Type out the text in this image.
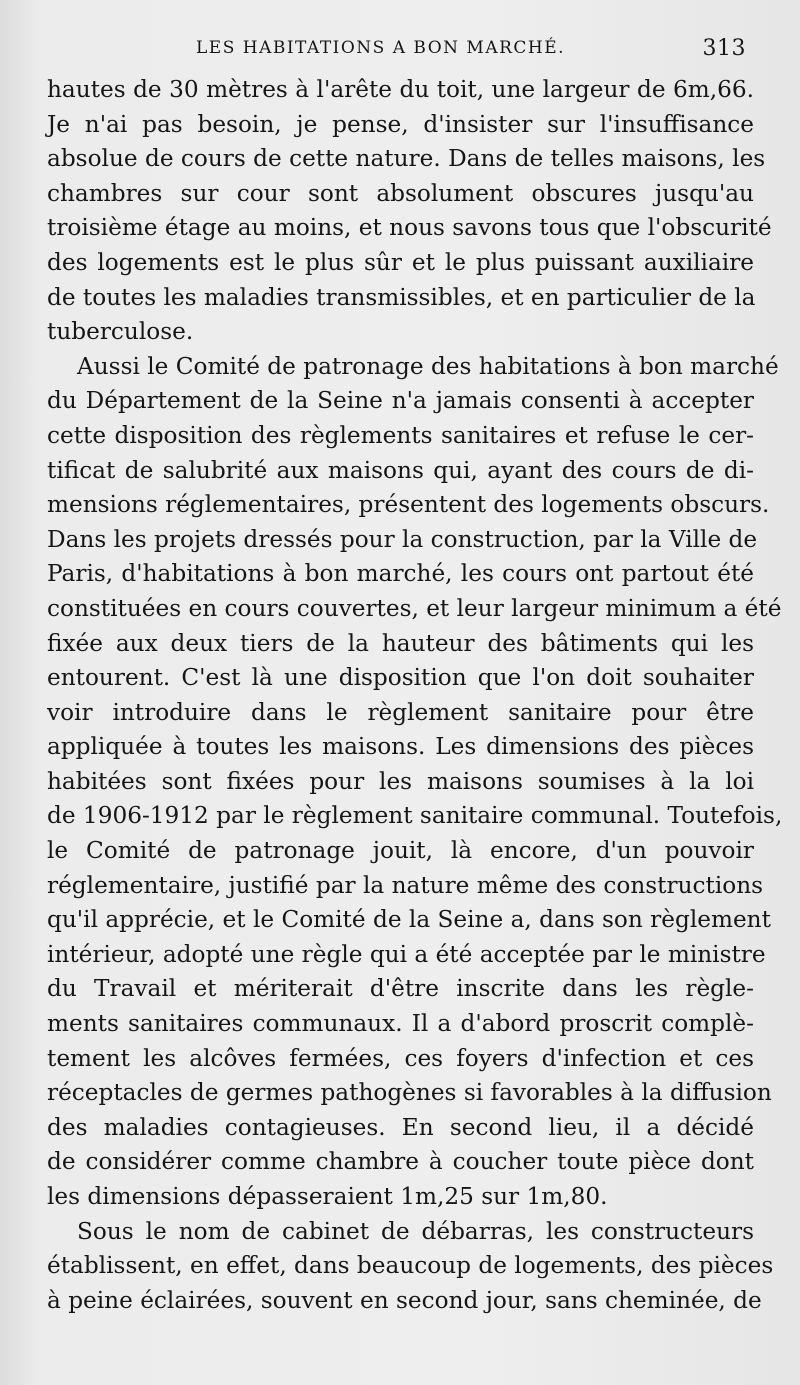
LES HABITATIONS A BON MARCHÉ.	313
hautes de 30 mètres à l'arête du toit, une largeur de 6m,66.
Je n'ai pas besoin, je pense, d'insister sur l'insuffisance
absolue de cours de cette nature. Dans de telles maisons, les
chambres sur cour sont absolument obscures jusqu'au
troisième étage au moins, et nous savons tous que l'obscurité
des logements est le plus sûr et le plus puissant auxiliaire
de toutes les maladies transmissibles, et en particulier de la
tuberculose.
Aussi le Comité de patronage des habitations à bon marché
du Département de la Seine n'a jamais consenti à accepter
cette disposition des règlements sanitaires et refuse le cer-
tificat de salubrité aux maisons qui, ayant des cours de di-
mensions réglementaires, présentent des logements obscurs.
Dans les projets dressés pour la construction, par la Ville de
Paris, d'habitations à bon marché, les cours ont partout été
constituées en cours couvertes, et leur largeur minimum a été
fixée aux deux tiers de la hauteur des bâtiments qui les
entourent. C'est là une disposition que l'on doit souhaiter
voir introduire dans le règlement sanitaire pour être
appliquée à toutes les maisons. Les dimensions des pièces
habitées sont fixées pour les maisons soumises à la loi
de 1906-1912 par le règlement sanitaire communal. Toutefois,
le Comité de patronage jouit, là encore, d'un pouvoir
réglementaire, justifié par la nature même des constructions
qu'il apprécie, et le Comité de la Seine a, dans son règlement
intérieur, adopté une règle qui a été acceptée par le ministre
du Travail et mériterait d'être inscrite dans les règle-
ments sanitaires communaux. Il a d'abord proscrit complè-
tement les alcôves fermées, ces foyers d'infection et ces
réceptacles de germes pathogènes si favorables à la diffusion
des maladies contagieuses. En second lieu, il a décidé
de considérer comme chambre à coucher toute pièce dont
les dimensions dépasseraient 1m,25 sur 1m,80.
Sous le nom de cabinet de débarras, les constructeurs
établissent, en effet, dans beaucoup de logements, des pièces
à peine éclairées, souvent en second jour, sans cheminée, de
